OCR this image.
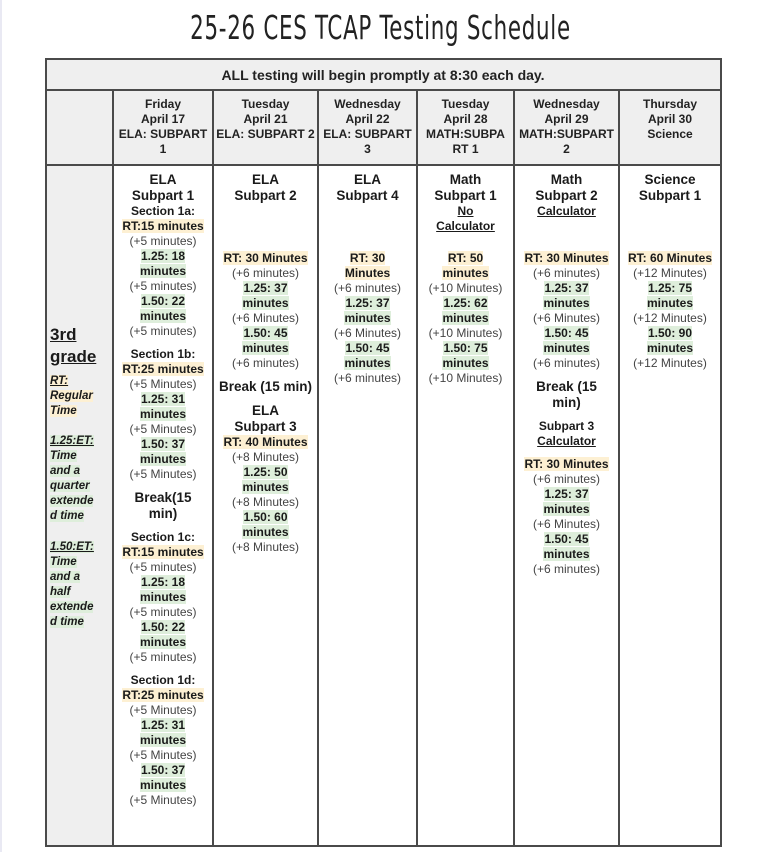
25-26 CES TCAP Testing Schedule
ALL testing will begin promptly at 8:30 each day.
Friday
April 17
ELA: SUBPART
1
Tuesday
April 21
ELA: SUBPART 2
Wednesday
April 22
ELA: SUBPART
3
Tuesday
April 28
MATH:SUBPA
RT 1
Wednesday
April 29
MATH:SUBPART
2
Thursday
April 30
Science
3rd
grade
RT:
Regular
Time
1.25:ET:
Time
and a
quarter
extende
d time
1.50:ET:
Time
and a
half
extende
d time
ELA
Subpart 1
Section 1a:
RT:15 minutes
(+5 minutes)
1.25: 18
minutes
(+5 minutes)
1.50: 22
minutes
(+5 minutes)
Section 1b:
RT:25 minutes
(+5 Minutes)
1.25: 31
minutes
(+5 Minutes)
1.50: 37
minutes
(+5 Minutes)
Break(15
min)
Section 1c:
RT:15 minutes
(+5 minutes)
1.25: 18
minutes
(+5 minutes)
1.50: 22
minutes
(+5 minutes)
Section 1d:
RT:25 minutes
(+5 Minutes)
1.25: 31
minutes
(+5 Minutes)
1.50: 37
minutes
(+5 Minutes)
ELA
Subpart 2
RT: 30 Minutes
(+6 minutes)
1.25: 37
minutes
(+6 Minutes)
1.50: 45
minutes
(+6 minutes)
Break (15 min)
ELA
Subpart 3
RT: 40 Minutes
(+8 Minutes)
1.25: 50
minutes
(+8 Minutes)
1.50: 60
minutes
(+8 Minutes)
ELA
Subpart 4
RT: 30
Minutes
(+6 minutes)
1.25: 37
minutes
(+6 Minutes)
1.50: 45
minutes
(+6 minutes)
Math
Subpart 1
No
Calculator
RT: 50
minutes
(+10 Minutes)
1.25: 62
minutes
(+10 Minutes)
1.50: 75
minutes
(+10 Minutes)
Math
Subpart 2
Calculator
RT: 30 Minutes
(+6 minutes)
1.25: 37
minutes
(+6 Minutes)
1.50: 45
minutes
(+6 minutes)
Break (15
min)
Subpart 3
Calculator
RT: 30 Minutes
(+6 minutes)
1.25: 37
minutes
(+6 Minutes)
1.50: 45
minutes
(+6 minutes)
Science
Subpart 1
RT: 60 Minutes
(+12 Minutes)
1.25: 75
minutes
(+12 Minutes)
1.50: 90
minutes
(+12 Minutes)
